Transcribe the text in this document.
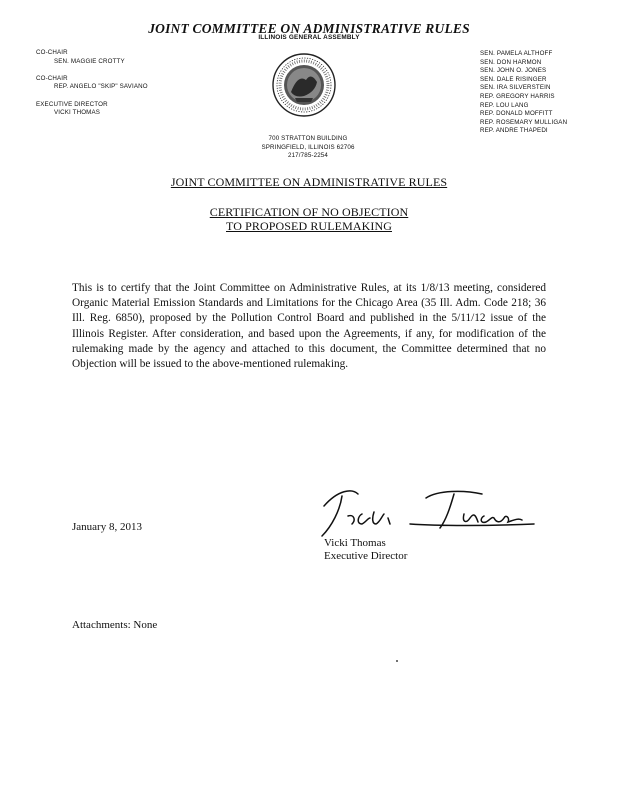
JOINT COMMITTEE ON ADMINISTRATIVE RULES
ILLINOIS GENERAL ASSEMBLY
CO-CHAIR
SEN. MAGGIE CROTTY
CO-CHAIR
REP. ANGELO "SKIP" SAVIANO
EXECUTIVE DIRECTOR
VICKI THOMAS
SEN. PAMELA ALTHOFF
SEN. DON HARMON
SEN. JOHN O. JONES
SEN. DALE RISINGER
SEN. IRA SILVERSTEIN
REP. GREGORY HARRIS
REP. LOU LANG
REP. DONALD MOFFITT
REP. ROSEMARY MULLIGAN
REP. ANDRE THAPEDI
700 STRATTON BUILDING
SPRINGFIELD, ILLINOIS 62706
217/785-2254
JOINT COMMITTEE ON ADMINISTRATIVE RULES
CERTIFICATION OF NO OBJECTION
TO PROPOSED RULEMAKING
This is to certify that the Joint Committee on Administrative Rules, at its 1/8/13 meeting, considered Organic Material Emission Standards and Limitations for the Chicago Area (35 Ill. Adm. Code 218; 36 Ill. Reg. 6850), proposed by the Pollution Control Board and published in the 5/11/12 issue of the Illinois Register. After consideration, and based upon the Agreements, if any, for modification of the rulemaking made by the agency and attached to this document, the Committee determined that no Objection will be issued to the above-mentioned rulemaking.
January 8, 2013
Vicki Thomas
Executive Director
Attachments: None
